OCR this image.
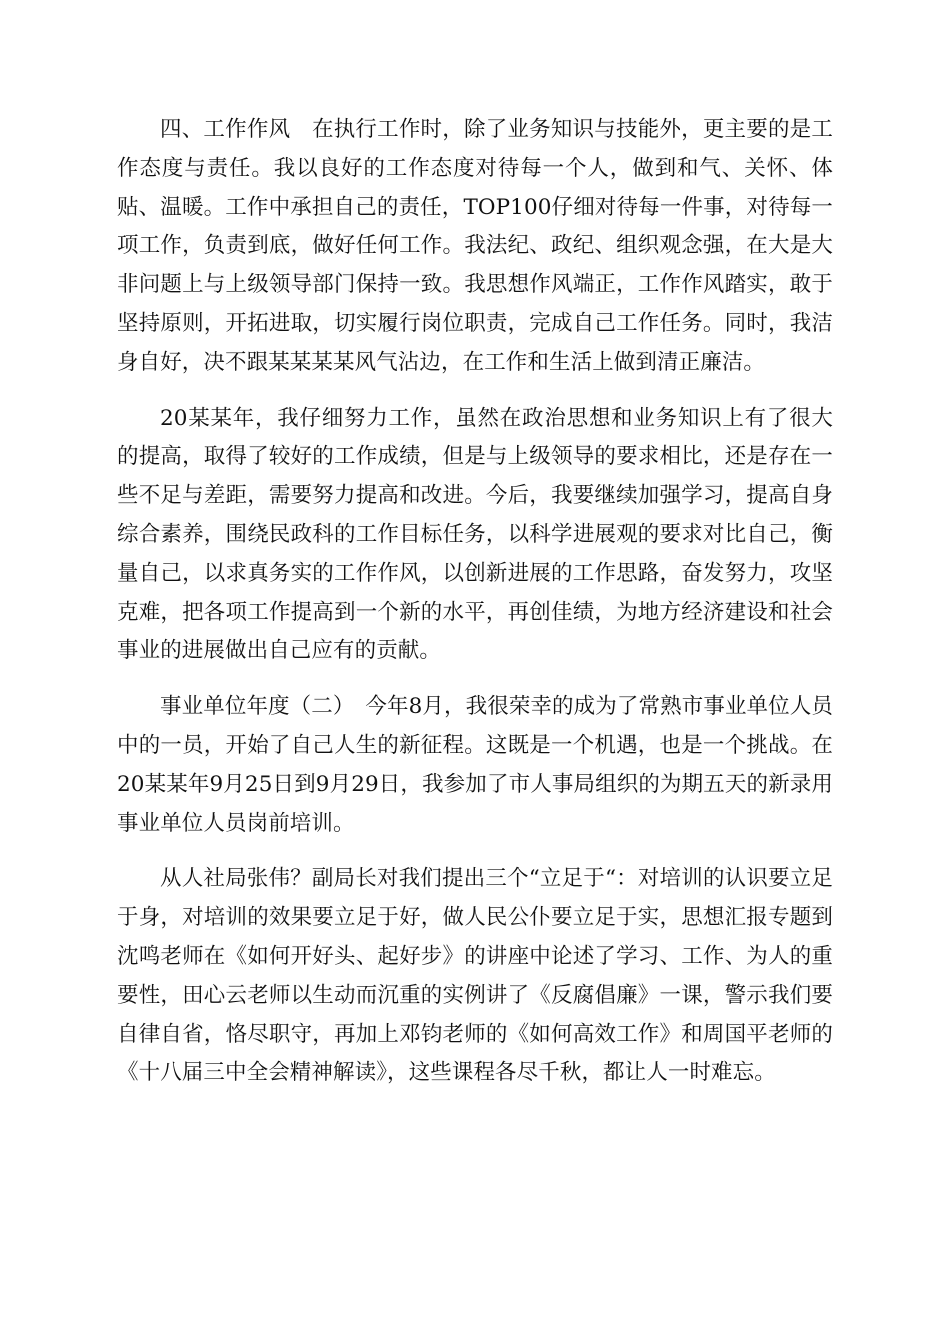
四、工作作风　在执行工作时，除了业务知识与技能外，更主要的是工作态度与责任。我以良好的工作态度对待每一个人，做到和气、关怀、体贴、温暖。工作中承担自己的责任，TOP100仔细对待每一件事，对待每一项工作，负责到底，做好任何工作。我法纪、政纪、组织观念强，在大是大非问题上与上级领导部门保持一致。我思想作风端正，工作作风踏实，敢于坚持原则，开拓进取，切实履行岗位职责，完成自己工作任务。同时，我洁身自好，决不跟某某某某风气沾边，在工作和生活上做到清正廉洁。

20某某年，我仔细努力工作，虽然在政治思想和业务知识上有了很大的提高，取得了较好的工作成绩，但是与上级领导的要求相比，还是存在一些不足与差距，需要努力提高和改进。今后，我要继续加强学习，提高自身综合素养，围绕民政科的工作目标任务，以科学进展观的要求对比自己，衡量自己，以求真务实的工作作风，以创新进展的工作思路，奋发努力，攻坚克难，把各项工作提高到一个新的水平，再创佳绩，为地方经济建设和社会事业的进展做出自己应有的贡献。

事业单位年度（二）　今年8月，我很荣幸的成为了常熟市事业单位人员中的一员，开始了自己人生的新征程。这既是一个机遇，也是一个挑战。在20某某年9月25日到9月29日，我参加了市人事局组织的为期五天的新录用事业单位人员岗前培训。

从人社局张伟？副局长对我们提出三个“立足于“：对培训的认识要立足于身，对培训的效果要立足于好，做人民公仆要立足于实，思想汇报专题到沈鸣老师在《如何开好头、起好步》的讲座中论述了学习、工作、为人的重要性，田心云老师以生动而沉重的实例讲了《反腐倡廉》一课，警示我们要自律自省，恪尽职守，再加上邓钧老师的《如何高效工作》和周国平老师的《十八届三中全会精神解读》，这些课程各尽千秋，都让人一时难忘。
